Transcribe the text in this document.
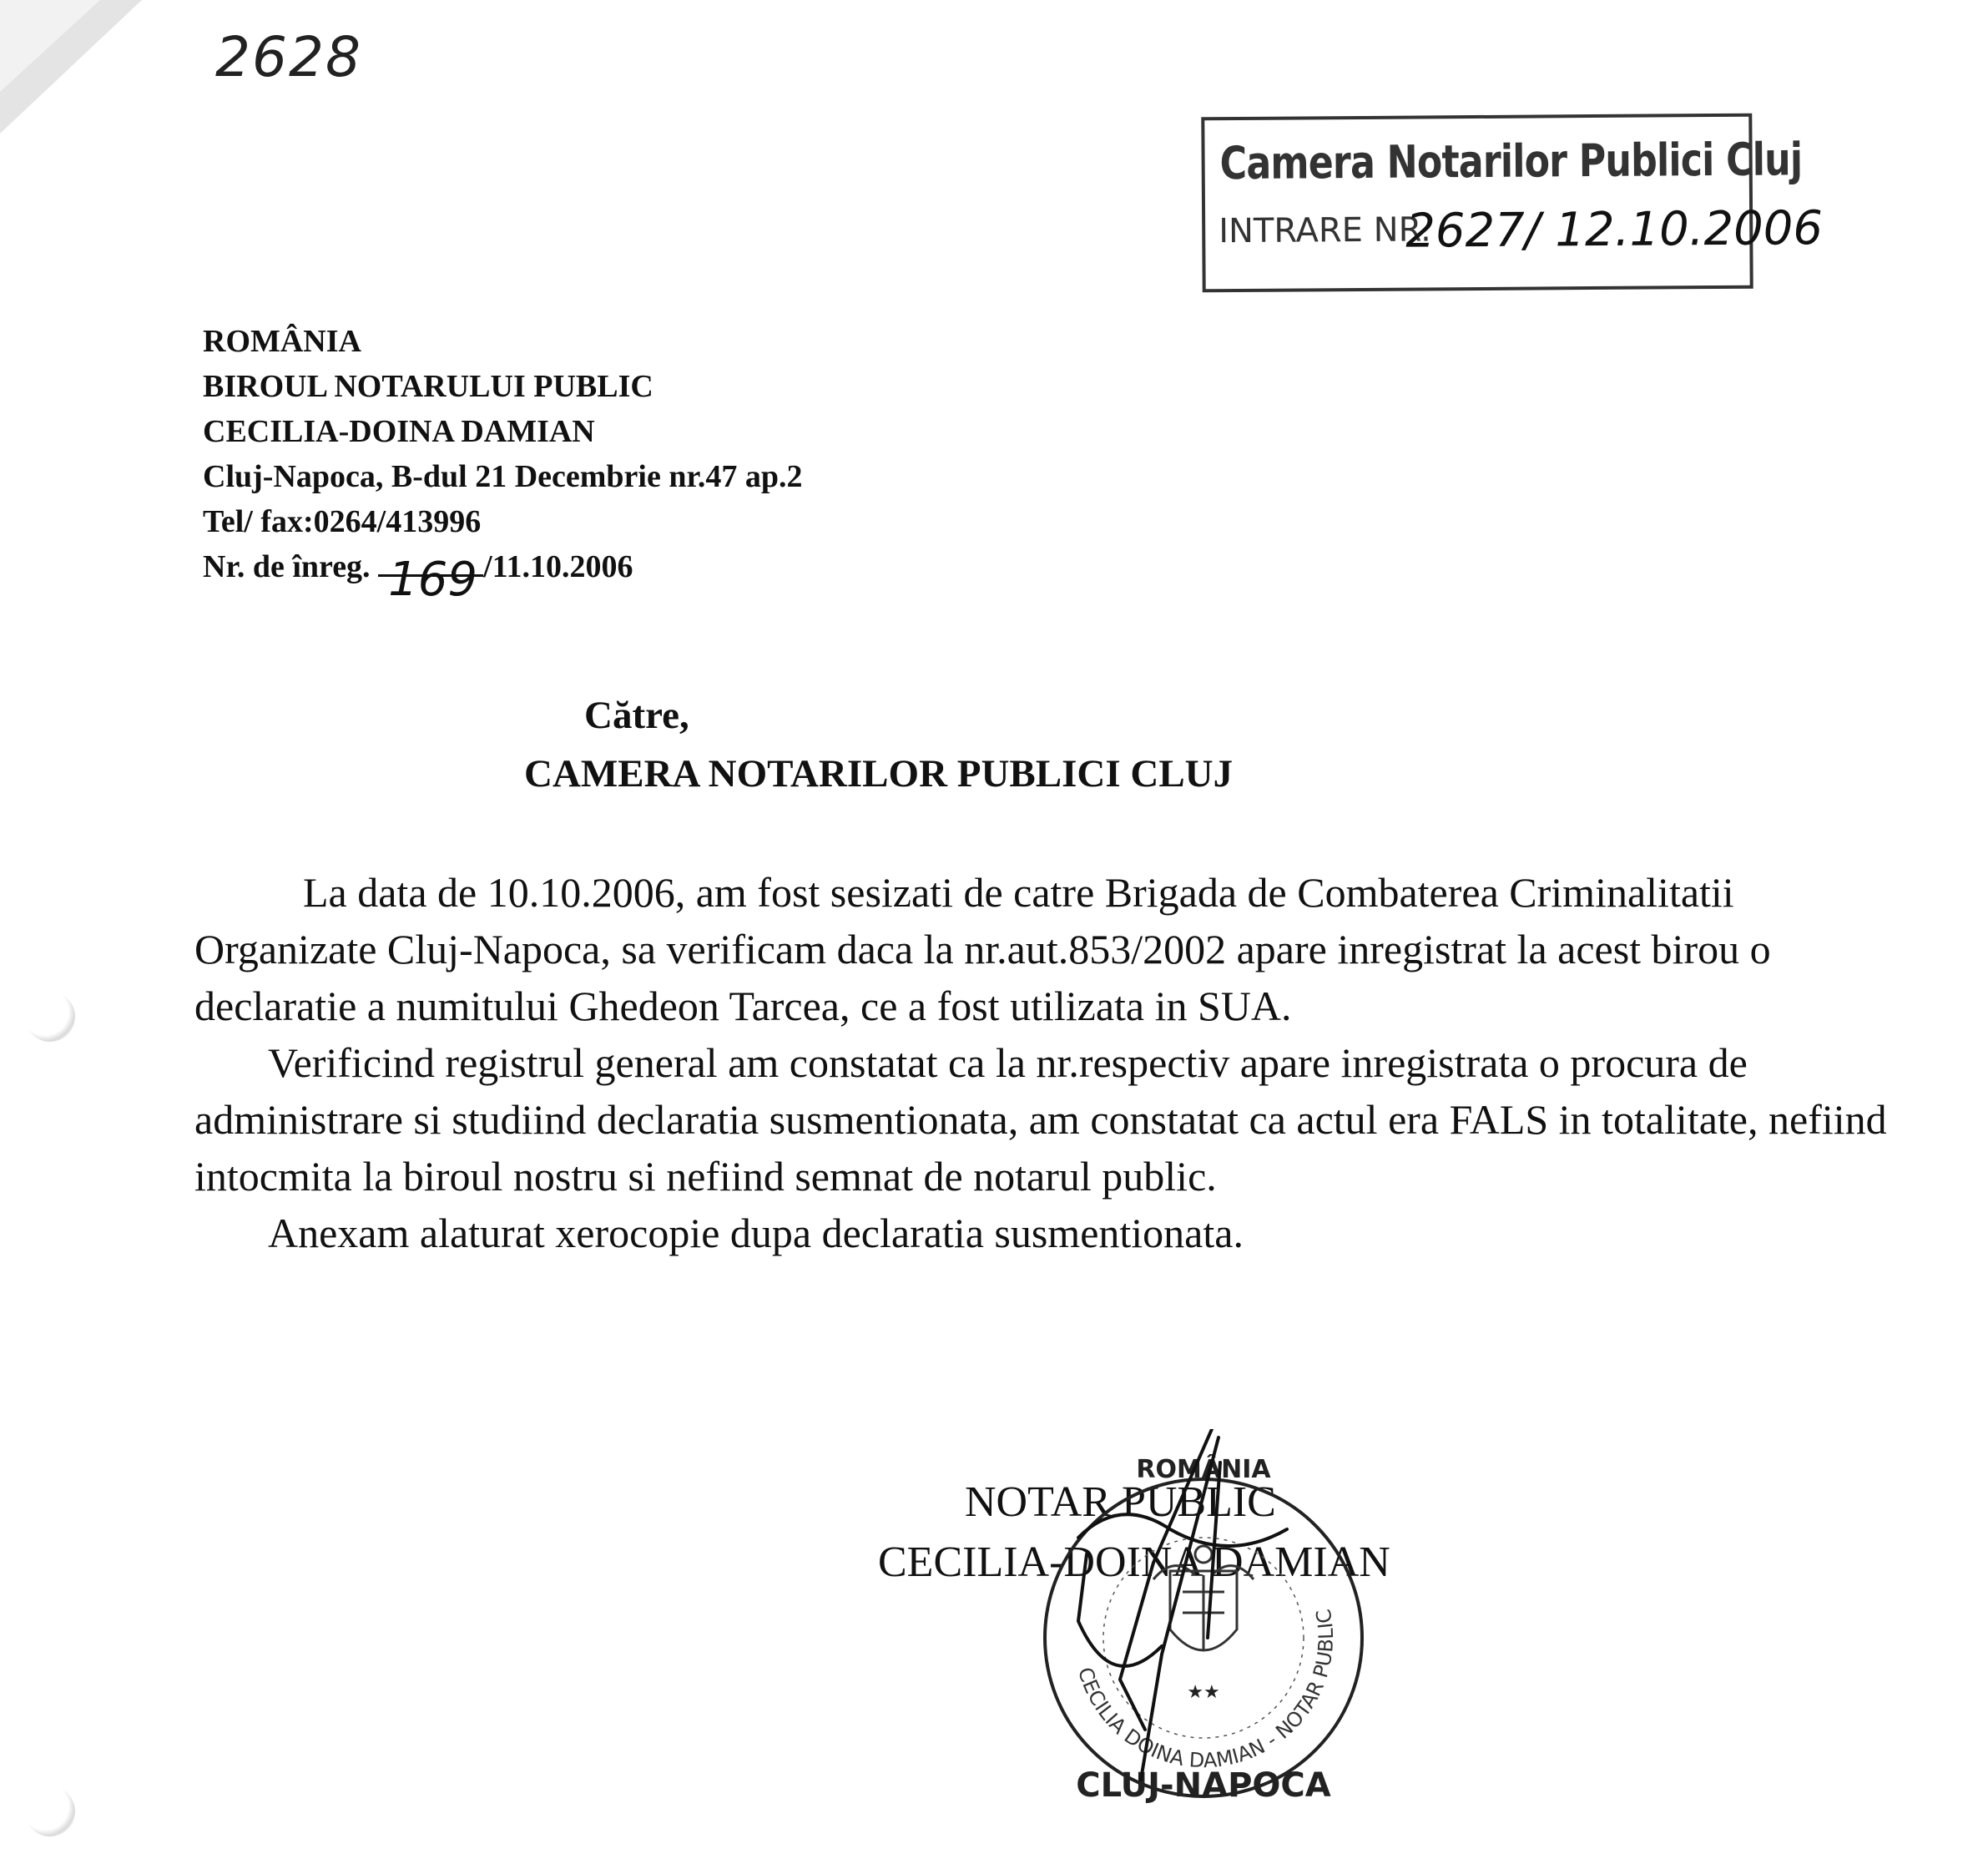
2628
Camera Notarilor Publici Cluj
INTRARE NR.
2627/ 12.10.2006
ROMÂNIA
BIROUL NOTARULUI PUBLIC
CECILIA-DOINA DAMIAN
Cluj-Napoca, B-dul 21 Decembrie nr.47 ap.2
Tel/ fax:0264/413996
Nr. de înreg. 169 /11.10.2006
Către,
CAMERA NOTARILOR PUBLICI CLUJ

La data de 10.10.2006, am fost sesizati de catre Brigada de Combaterea Criminalitatii Organizate Cluj-Napoca, sa verificam daca la nr.aut.853/2002 apare inregistrat la acest birou o declaratie a numitului Ghedeon Tarcea, ce a fost utilizata in SUA.

Verificind registrul general am constatat ca la nr.respectiv apare inregistrata o procura de administrare si studiind declaratia susmentionata, am constatat ca actul era FALS in totalitate, nefiind intocmita la biroul nostru si nefiind semnat de notarul public.

Anexam alaturat xerocopie dupa declaratia susmentionata.

NOTAR PUBLIC
CECILIA-DOINA DAMIAN
ROMÂNIA
CLUJ-NAPOCA
★★
CECILIA DOINA DAMIAN - NOTAR PUBLIC
